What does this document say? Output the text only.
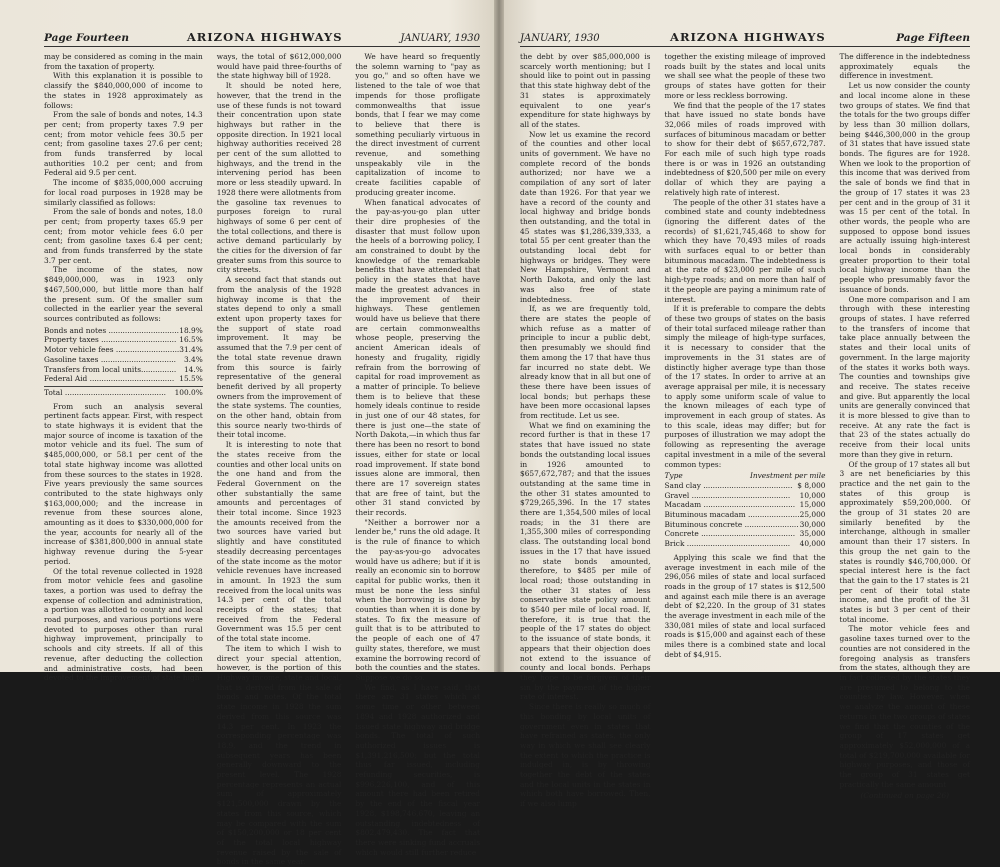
Page Fourteen	ARIZONA HIGHWAYS	JANUARY, 1930

may be considered as coming in the main from the taxation of property.

With this explanation it is possible to classify the $840,000,000 of income to the states in 1928 approximately as follows:

From the sale of bonds and notes, 14.3 per cent; from property taxes 7.9 per cent; from motor vehicle fees 30.5 per cent; from gasoline taxes 27.6 per cent; from funds transferred by local authorities 10.2 per cent; and from Federal aid 9.5 per cent.

The income of $835,000,000 accruing for local road purposes in 1928 may be similarly classified as follows:

From the sale of bonds and notes, 18.0 per cent; from property taxes 65.9 per cent; from motor vehicle fees 6.0 per cent; from gasoline taxes 6.4 per cent; and from funds transferred by the state 3.7 per cent.

The income of the states, now $849,000,000, was in 1923 only $467,500,000, but little more than half the present sum. Of the smaller sum collected in the earlier year the several sources contributed as follows:

Bonds and notes .............................. 18.9%
Property taxes ................................ 16.5%
Motor vehicle fees ........................... 31.4%
Gasoline taxes ................................ 3.4%
Transfers from local units............... 14.%
Federal Aid .................................... 15.5%
Total ........................................... 100.0%

From such an analysis several pertinent facts appear. First, with respect to state highways it is evident that the major source of income is taxation of the motor vehicle and its fuel. The sum of $485,000,000, or 58.1 per cent of the total state highway income was allotted from these sources to the states in 1928. Five years previously the same sources contributed to the state highways only $163,000,000; and the increase in revenue from these sources alone, amounting as it does to $330,000,000 for the year, accounts for nearly all of the increase of $381,800,000 in annual state highway revenue during the 5-year period.

Of the total revenue collected in 1928 from motor vehicle fees and gasoline taxes, a portion was used to defray the expense of collection and administration, a portion was allotted to county and local road purposes, and various portions were devoted to purposes other than rural highway improvement, principally to schools and city streets. If all of this revenue, after deducting the collection and administrative costs, had been devoted to the improvement of state high-

ways, the total of $612,000,000 would have paid three-fourths of the state highway bill of 1928.

It should be noted here, however, that the trend in the use of these funds is not toward their concentration upon state highways but rather in the opposite direction. In 1921 local highway authorities received 28 per cent of the sum allotted to highways, and the trend in the intervening period has been more or less steadily upward. In 1928 there were allotments from the gasoline tax revenues to purposes foreign to rural highways of some 6 per cent of the total collections, and there is active demand particularly by the cities for the diversion of far greater sums from this source to city streets.

A second fact that stands out from the analysis of the 1928 highway income is that the states depend to only a small extent upon property taxes for the support of state road improvement. It may be assumed that the 7.9 per cent of the total state revenue drawn from this source is fairly representative of the general benefit derived by all property owners from the improvement of the state systems. The counties, on the other hand, obtain from this source nearly two-thirds of their total income.

It is interesting to note that the states receive from the counties and other local units on the one hand and from the Federal Government on the other substantially the same amounts and percentages of their total income. Since 1923 the amounts received from the two sources have varied but slightly and have constituted steadily decreasing percentages of the state income as the motor vehicle revenues have increased in amount. In 1923 the sum received from the local units was 14.3 per cent of the total receipts of the states; that received from the Federal Government was 15.5 per cent of the total state income.

The item to which I wish to direct your special attention, however, is the portion of this Highway income, state and local, that is derived from the sale of bonds and notes. Of the total state income in 1928 the sum derived from this source was 14.3 per cent. In 1923 the corresponding percentage was 18.9, and the trend in subsequent years has been generally downward to the present level. The 1928 percentage represents an actual sum of approximately $121,500,000 drawn by the states from this source, which may be compared with the sum of $150,200,000 or 18 per cent of the total local highway revenue raised by the sale of bonds in the same year.

We have heard so frequently the solemn warning to "pay as you go," and so often have we listened to the tale of woe that impends for those profligate commonwealths that issue bonds, that I fear we may come to believe that there is something peculiarly virtuous in the direct investment of current revenue, and something unspeakably vile in the capitalization of income to create facilities capable of producing greater income.

When fanatical advocates of the pay-as-you-go plan utter their dire prophesies of the disaster that must follow upon the heels of a borrowing policy, I am constrained to doubt by the knowledge of the remarkable benefits that have attended that policy in the states that have made the greatest advances in the improvement of their highways. These gentlemen would have us believe that there are certain commonwealths whose people, preserving the ancient American ideals of honesty and frugality, rigidly refrain from the borrowing of capital for road improvement as a matter of principle. To believe them is to believe that these homely ideals continue to reside in just one of our 48 states, for there is just one—the state of North Dakota,—in which thus far there has been no resort to bond issues, either for state or local road improvement. If state bond issues alone are immoral, then there are 17 sovereign states that are free of taint, but the other 31 stand convicted by their records.

"Neither a borrower nor a lender be," runs the old adage. It is the rule of finance to which the pay-as-you-go advocates would have us adhere; but if it is really an economic sin to borrow capital for public works, then it must be none the less sinful when the borrowing is done by counties than when it is done by states. To fix the measure of guilt that is to be attributed to the people of each one of 47 guilty states, therefore, we must examine the borrowing record of both the counties and the states. Suppose we do so.

We find, as I have said, that there are 31 states which at some time or other between 1894 and 1928 authorized and issued state highway and bridge bonds. The total of such authorized issues is $1,391,216,500; but the total thus far issued, including refunding securities, is $996,226,100, and of this amount there had been retired by the end of the fiscal year 1928, $198,746,670, leaving an outstanding indebtedness of $802,479,430. The fact that there were sinking fund accruals which would still further reduce

JANUARY, 1930	ARIZONA HIGHWAYS	Page Fifteen

the debt by over $85,000,000 is scarcely worth mentioning; but I should like to point out in passing that this state highway debt of the 31 states is approximately equivalent to one year's expenditure for state highways by all of the states.

Now let us examine the record of the counties and other local units of government. We have no complete record of the bonds authorized; nor have we a compilation of any sort of later date than 1926. For that year we have a record of the county and local highway and bridge bonds then outstanding, and the total in 45 states was $1,286,339,333, a total 55 per cent greater than the outstanding local debt for highways or bridges. They were New Hampshire, Vermont and North Dakota, and only the last was also free of state indebtedness.

If, as we are frequently told, there are states the people of which refuse as a matter of principle to incur a public debt, then presumably we should find them among the 17 that have thus far incurred no state debt. We already know that in all but one of these there have been issues of local bonds; but perhaps these have been more occasional lapses from rectitude. Let us see.

What we find on examining the record further is that in these 17 states that have issued no state bonds the outstanding local issues in 1926 amounted to $657,672,787; and that the issues outstanding at the same time in the other 31 states amounted to $729,265,396. In the 17 states there are 1,354,500 miles of local roads; in the 31 there are 1,355,300 miles of corresponding class. The outstanding local bond issues in the 17 that have issued no state bonds amounted, therefore, to $485 per mile of local road; those outstanding in the other 31 states of less conservative state policy amount to $540 per mile of local road. If, therefore, it is true that the people of the 17 states do object to the issuance of state bonds, it appears that their objection does not extend to the issuance of county and local bonds. Perhaps they hope to be forgiven of their sin by the payment of the higher rate of interest.

Since there is really so much of this bonding by local units of government even in states that have refrained as states, the only way in which we shall see clearly the extent to which the practice is indulged in, is by throwing together the debt of the states and the local units in the states in which both have borrowed. Then, if we also lump

together the existing mileage of improved roads built by the states and local units we shall see what the people of these two groups of states have gotten for their more or less reckless borrowing.

We find that the people of the 17 states that have issued no state bonds have 32,066 miles of roads improved with surfaces of bituminous macadam or better to show for their debt of $657,672,787. For each mile of such high type roads there is or was in 1926 an outstanding indebtedness of $20,500 per mile on every dollar of which they are paying a relatively high rate of interest.

The people of the other 31 states have a combined state and county indebtedness (ignoring the different dates of the records) of $1,621,745,468 to show for which they have 70,493 miles of roads with surfaces equal to or better than bituminous macadam. The indebtedness is at the rate of $23,000 per mile of such high-type roads; and on more than half of it the people are paying a minimum rate of interest.

If it is preferable to compare the debts of these two groups of states on the basis of their total surfaced mileage rather than simply the mileage of high-type surfaces, it is necessary to consider that the improvements in the 31 states are of distinctly higher average type than those of the 17 states. In order to arrive at an average appraisal per mile, it is necessary to apply some uniform scale of value to the known mileages of each type of improvement in each group of states. As to this scale, ideas may differ; but for purposes of illustration we may adopt the following as representing the average capital investment in a mile of the several common types:

Type	Investment per mile
Sand clay ...................................... $ 8,000
Gravel .......................................... 10,000
Macadam ....................................... 15,000
Bituminous macadam ...................... 25,000
Bituminous concrete ....................... 30,000
Concrete ........................................ 35,000
Brick ............................................ 40,000

Applying this scale we find that the average investment in each mile of the 296,056 miles of state and local surfaced roads in the group of 17 states is $12,500 and against each mile there is an average debt of $2,220. In the group of 31 states the average investment in each mile of the 330,081 miles of state and local surfaced roads is $15,000 and against each of these miles there is a combined state and local debt of $4,915.

The difference in the indebtedness approximately equals the difference in investment.

Let us now consider the county and local income alone in these two groups of states. We find that the totals for the two groups differ by less than 30 million dollars, being $446,300,000 in the group of 31 states that have issued state bonds. The figures are for 1928. When we look to the proportion of this income that was derived from the sale of bonds we find that in the group of 17 states it was 23 per cent and in the group of 31 it was 15 per cent of the total. In other words, the people who are supposed to oppose bond issues are actually issuing high-interest local bonds in considerably greater proportion to their total local highway income than the people who presumably favor the issuance of bonds.

One more comparison and I am through with these interesting groups of states. I have referred to the transfers of income that take place annually between the states and their local units of government. In the large majority of the states it works both ways. The counties and townships give and receive. The states receive and give. But apparently the local units are generally convinced that it is more blessed to give than to receive. At any rate the fact is that 23 of the states actually do receive from their local units more than they give in return.

Of the group of 17 states all but 3 are net beneficiaries by this practice and the net gain to the states of this group is approximately $59,200,000. Of the group of 31 states 20 are similarly benefited by the interchange, although in smaller amount than their 17 sisters. In this group the net gain to the states is roundly $46,700,000. Of special interest here is the fact that the gain to the 17 states is 21 per cent of their total state income, and the profit of the 31 states is but 3 per cent of their total income.

The motor vehicle fees and gasoline taxes turned over to the counties are not considered in the foregoing analysis as transfers from the states, although they are in fact collected by the states they are presumed to belong to the counties by law. However, when we analyze the amount of these returns in the two groups of states we find that the counties of the group of 17 states get approximately $52,000,000 of a total of $219,700,000 available for highway purposes, and those of the group of 31 states get practically the same amount

(Continued on page 26)
